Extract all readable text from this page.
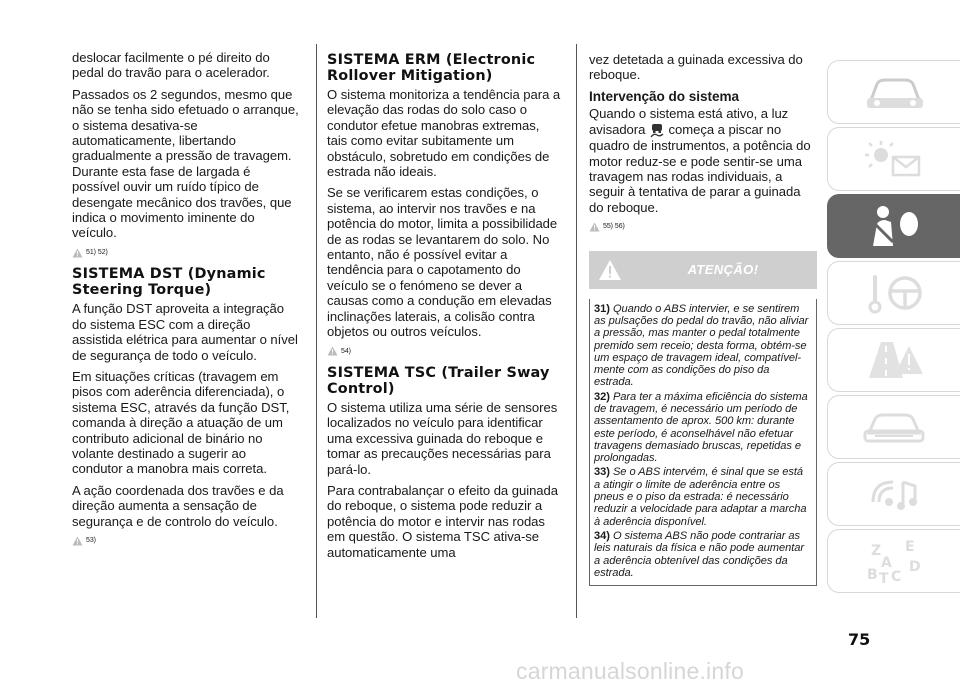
deslocar facilmente o pé direito do pedal do travão para o acelerador.

Passados os 2 segundos, mesmo que não se tenha sido efetuado o arranque, o sistema desativa-se automaticamente, libertando gradualmente a pressão de travagem. Durante esta fase de largada é possível ouvir um ruído típico de desengate mecânico dos travões, que indica o movimento iminente do veículo.

51) 52)
SISTEMA DST (Dynamic Steering Torque)

A função DST aproveita a integração do sistema ESC com a direção assistida elétrica para aumentar o nível de segurança de todo o veículo.

Em situações críticas (travagem em pisos com aderência diferenciada), o sistema ESC, através da função DST, comanda à direção a atuação de um contributo adicional de binário no volante destinado a sugerir ao condutor a manobra mais correta.

A ação coordenada dos travões e da direção aumenta a sensação de segurança e de controlo do veículo.

53)
SISTEMA ERM (Electronic Rollover Mitigation)

O sistema monitoriza a tendência para a elevação das rodas do solo caso o condutor efetue manobras extremas, tais como evitar subitamente um obstáculo, sobretudo em condições de estrada não ideais.

Se se verificarem estas condições, o sistema, ao intervir nos travões e na potência do motor, limita a possibilidade de as rodas se levantarem do solo. No entanto, não é possível evitar a tendência para o capotamento do veículo se o fenómeno se dever a causas como a condução em elevadas inclinações laterais, a colisão contra objetos ou outros veículos.

54)
SISTEMA TSC (Trailer Sway Control)

O sistema utiliza uma série de sensores localizados no veículo para identificar uma excessiva guinada do reboque e tomar as precauções necessárias para pará-lo.

Para contrabalançar o efeito da guinada do reboque, o sistema pode reduzir a potência do motor e intervir nas rodas em questão. O sistema TSC ativa-se automaticamente uma

vez detetada a guinada excessiva do reboque.

Intervenção do sistema

Quando o sistema está ativo, a luz avisadora começa a piscar no quadro de instrumentos, a potência do motor reduz-se e pode sentir-se uma travagem nas rodas individuais, a seguir à tentativa de parar a guinada do reboque.

55) 56)
ATENÇÃO!

31) Quando o ABS intervier, e se sentirem as pulsações do pedal do travão, não aliviar a pressão, mas manter o pedal totalmente premido sem receio; desta forma, obtém-se um espaço de travagem ideal, compatívelmente com as condições do piso da estrada.

32) Para ter a máxima eficiência do sistema de travagem, é necessário um período de assentamento de aprox. 500 km: durante este período, é aconselhável não efetuar travagens demasiado bruscas, repetidas e prolongadas.

33) Se o ABS intervém, é sinal que se está a atingir o limite de aderência entre os pneus e o piso da estrada: é necessário reduzir a velocidade para adaptar a marcha à aderência disponível.

34) O sistema ABS não pode contrariar as leis naturais da física e não pode aumentar a aderência obtenível das condições da estrada.

Z E
A
B C
D
T
75
carmanualsonline.info
